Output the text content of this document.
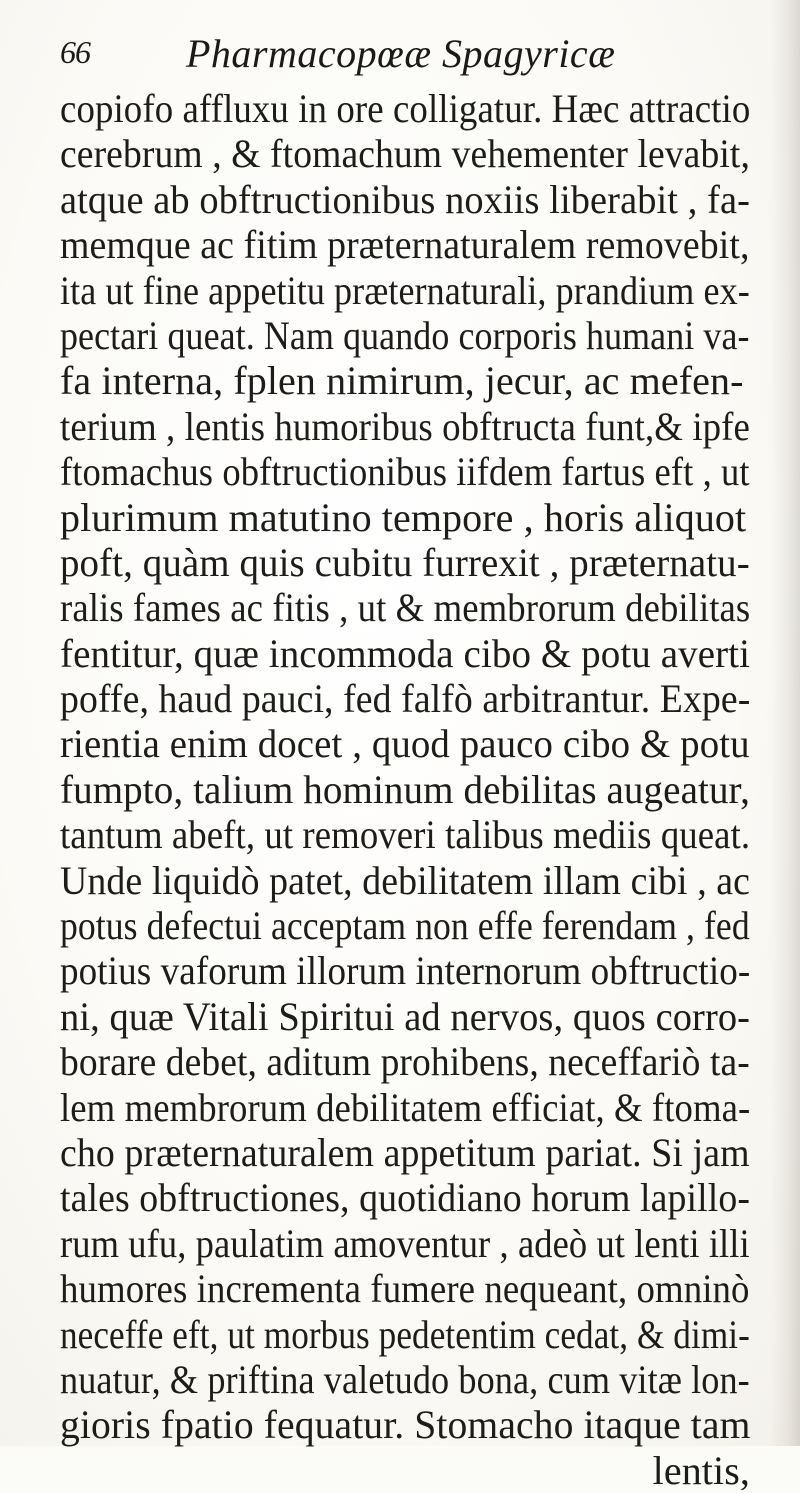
66 Pharmacopœæ Spagyricæ
copiofo affluxu in ore colligatur. Hæc attractio
cerebrum , & ftomachum vehementer levabit,
atque ab obftructionibus noxiis liberabit , fa-
memque ac fitim præternaturalem removebit,
ita ut fine appetitu præternaturali, prandium ex-
pectari queat. Nam quando corporis humani va-
fa interna, fplen nimirum, jecur, ac mefen-
terium , lentis humoribus obftructa funt,& ipfe
ftomachus obftructionibus iifdem fartus eft , ut
plurimum matutino tempore , horis aliquot
poft, quàm quis cubitu furrexit , præternatu-
ralis fames ac fitis , ut & membrorum debilitas
fentitur, quæ incommoda cibo & potu averti
poffe, haud pauci, fed falfò arbitrantur. Expe-
rientia enim docet , quod pauco cibo & potu
fumpto, talium hominum debilitas augeatur,
tantum abeft, ut removeri talibus mediis queat.
Unde liquidò patet, debilitatem illam cibi , ac
potus defectui acceptam non effe ferendam , fed
potius vaforum illorum internorum obftructio-
ni, quæ Vitali Spiritui ad nervos, quos corro-
borare debet, aditum prohibens, neceffariò ta-
lem membrorum debilitatem efficiat, & ftoma-
cho præternaturalem appetitum pariat. Si jam
tales obftructiones, quotidiano horum lapillo-
rum ufu, paulatim amoventur , adeò ut lenti illi
humores incrementa fumere nequeant, omninò
neceffe eft, ut morbus pedetentim cedat, & dimi-
nuatur, & priftina valetudo bona, cum vitæ lon-
gioris fpatio fequatur. Stomacho itaque tam
lentis,
